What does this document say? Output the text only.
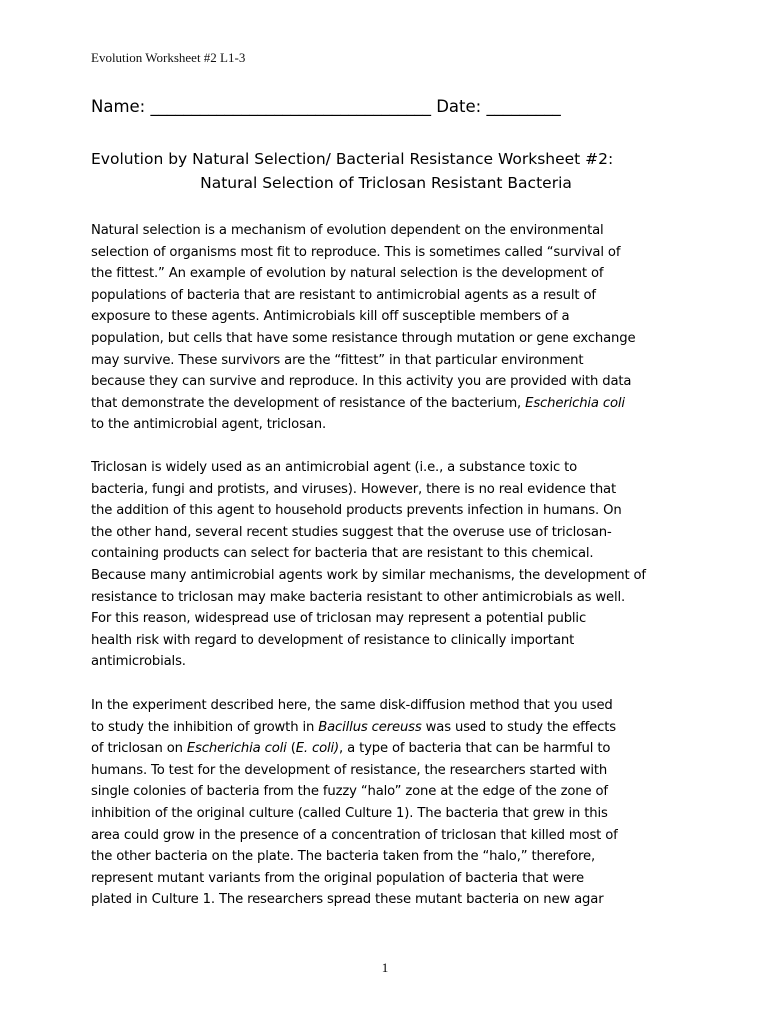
Evolution Worksheet #2 L1-3
Name: __________________________________ Date: _________
Evolution by Natural Selection/ Bacterial Resistance Worksheet #2:
Natural Selection of Triclosan Resistant Bacteria
Natural selection is a mechanism of evolution dependent on the environmental
selection of organisms most fit to reproduce. This is sometimes called “survival of
the fittest.” An example of evolution by natural selection is the development of
populations of bacteria that are resistant to antimicrobial agents as a result of
exposure to these agents. Antimicrobials kill off susceptible members of a
population, but cells that have some resistance through mutation or gene exchange
may survive. These survivors are the “fittest” in that particular environment
because they can survive and reproduce. In this activity you are provided with data
that demonstrate the development of resistance of the bacterium, Escherichia coli
to the antimicrobial agent, triclosan.
Triclosan is widely used as an antimicrobial agent (i.e., a substance toxic to
bacteria, fungi and protists, and viruses). However, there is no real evidence that
the addition of this agent to household products prevents infection in humans. On
the other hand, several recent studies suggest that the overuse use of triclosan-
containing products can select for bacteria that are resistant to this chemical.
Because many antimicrobial agents work by similar mechanisms, the development of
resistance to triclosan may make bacteria resistant to other antimicrobials as well.
For this reason, widespread use of triclosan may represent a potential public
health risk with regard to development of resistance to clinically important
antimicrobials.
In the experiment described here, the same disk-diffusion method that you used
to study the inhibition of growth in Bacillus cereuss was used to study the effects
of triclosan on Escherichia coli (E. coli), a type of bacteria that can be harmful to
humans. To test for the development of resistance, the researchers started with
single colonies of bacteria from the fuzzy “halo” zone at the edge of the zone of
inhibition of the original culture (called Culture 1). The bacteria that grew in this
area could grow in the presence of a concentration of triclosan that killed most of
the other bacteria on the plate. The bacteria taken from the “halo,” therefore,
represent mutant variants from the original population of bacteria that were
plated in Culture 1. The researchers spread these mutant bacteria on new agar
1
